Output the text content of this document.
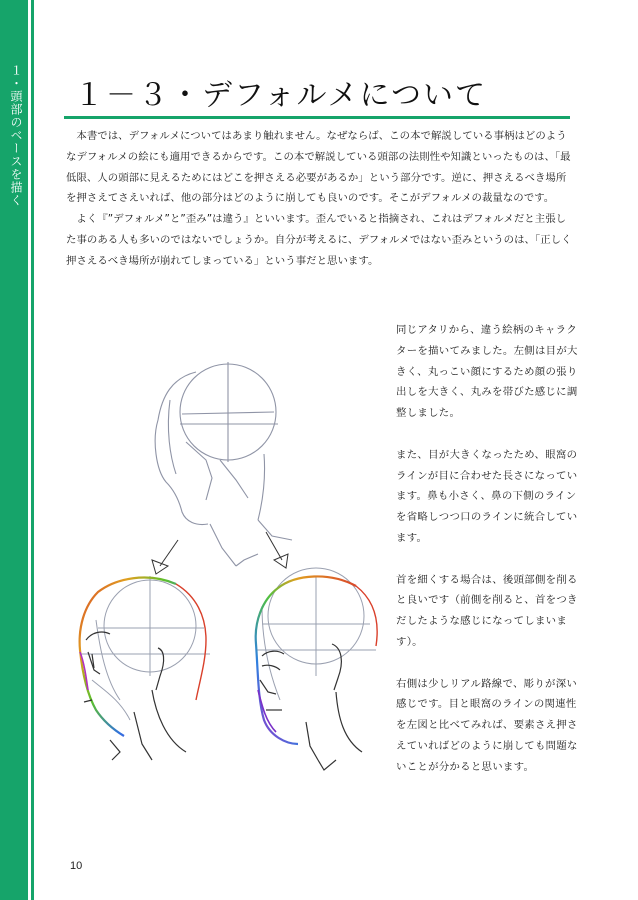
１・頭部のベースを描く １－３・デフォルメについて

本書では、デフォルメについてはあまり触れません。なぜならば、この本で解説している事柄はどのようなデフォルメの絵にも適用できるからです。この本で解説している頭部の法則性や知識といったものは、「最低限、人の頭部に見えるためにはどこを押さえる必要があるか」という部分です。逆に、押さえるべき場所を押さえてさえいれば、他の部分はどのように崩しても良いのです。そこがデフォルメの裁量なのです。

よく『”デフォルメ”と”歪み”は違う』といいます。歪んでいると指摘され、これはデフォルメだと主張した事のある人も多いのではないでしょうか。自分が考えるに、デフォルメではない歪みというのは、「正しく押さえるべき場所が崩れてしまっている」という事だと思います。

同じアタリから、違う絵柄のキャラクターを描いてみました。左側は目が大きく、丸っこい顔にするため顔の張り出しを大きく、丸みを帯びた感じに調整しました。

また、目が大きくなったため、眼窩のラインが目に合わせた長さになっています。鼻も小さく、鼻の下側のラインを省略しつつ口のラインに統合しています。

首を細くする場合は、後頭部側を削ると良いです（前側を削ると、首をつきだしたような感じになってしまいます）。

右側は少しリアル路線で、彫りが深い感じです。目と眼窩のラインの関連性を左図と比べてみれば、要素さえ押さえていればどのように崩しても問題ないことが分かると思います。

10
